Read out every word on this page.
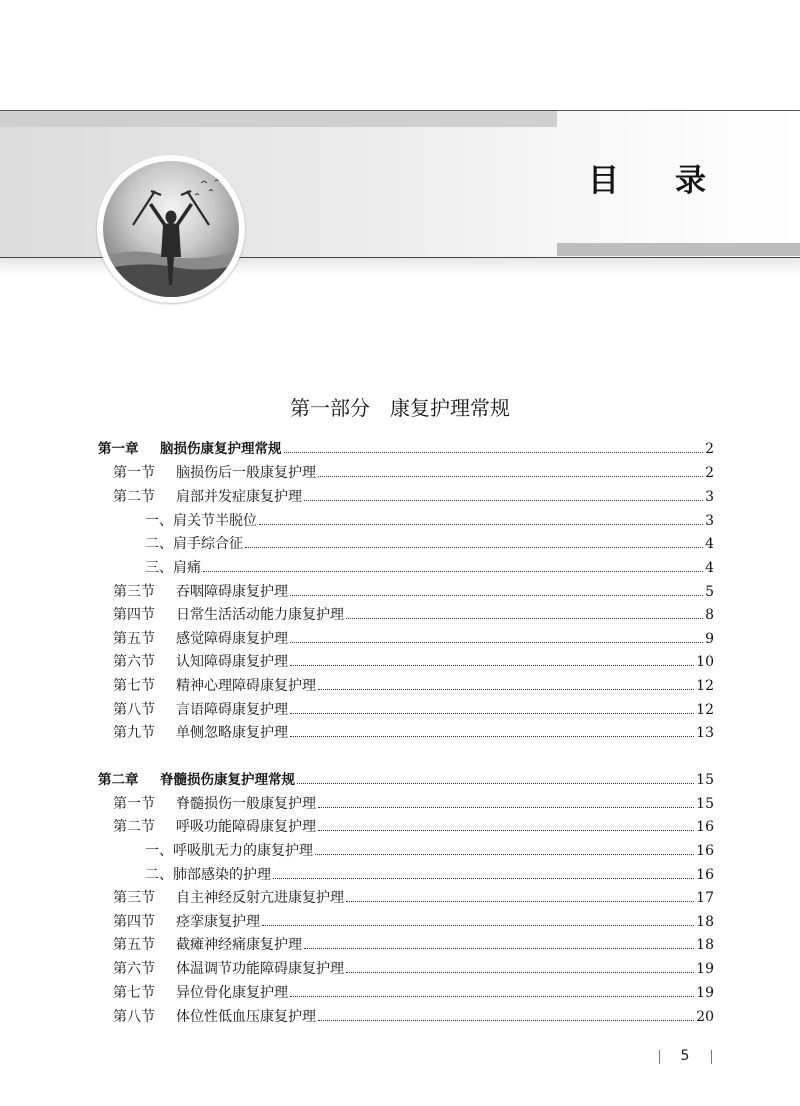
目录
第一部分　康复护理常规
第一章 脑损伤康复护理常规	2
第一节 脑损伤后一般康复护理	2
第二节 肩部并发症康复护理	3
一、肩关节半脱位	3
二、肩手综合征	4
三、肩痛	4
第三节 吞咽障碍康复护理	5
第四节 日常生活活动能力康复护理	8
第五节 感觉障碍康复护理	9
第六节 认知障碍康复护理	10
第七节 精神心理障碍康复护理	12
第八节 言语障碍康复护理	12
第九节 单侧忽略康复护理	13
第二章 脊髓损伤康复护理常规	15
第一节 脊髓损伤一般康复护理	15
第二节 呼吸功能障碍康复护理	16
一、呼吸肌无力的康复护理	16
二、肺部感染的护理	16
第三节 自主神经反射亢进康复护理	17
第四节 痉挛康复护理	18
第五节 截瘫神经痛康复护理	18
第六节 体温调节功能障碍康复护理	19
第七节 异位骨化康复护理	19
第八节 体位性低血压康复护理	20
5
